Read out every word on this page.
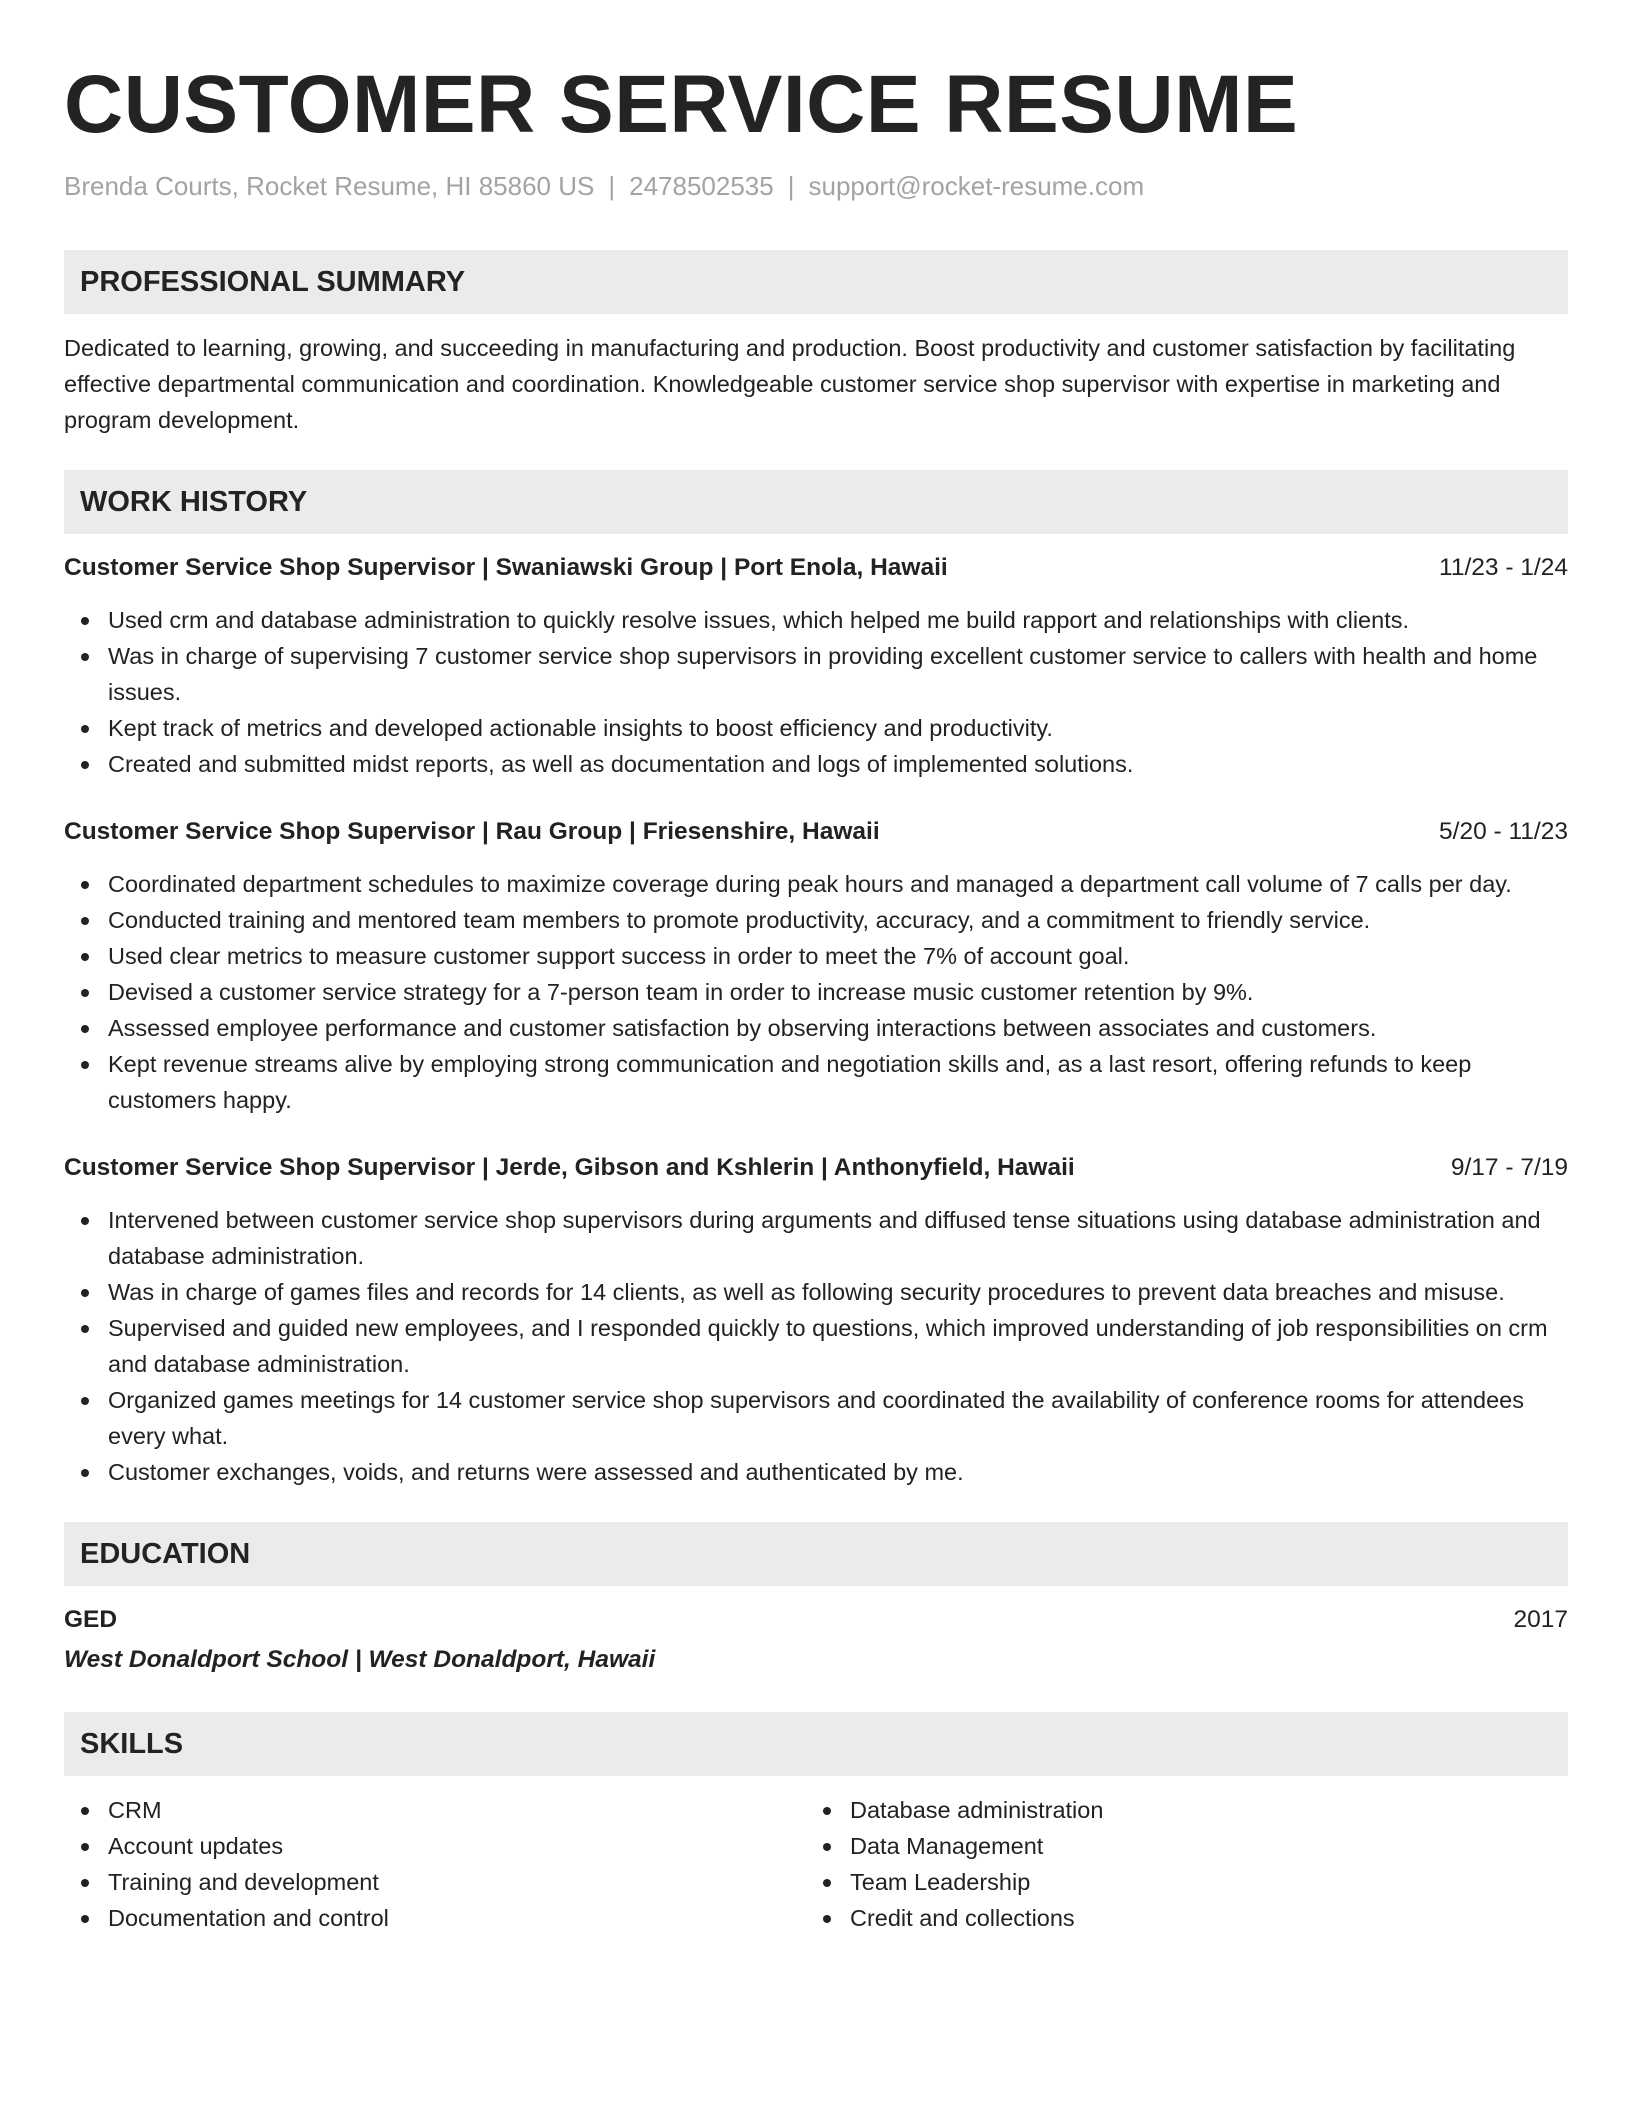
CUSTOMER SERVICE RESUME
Brenda Courts, Rocket Resume, HI 85860 US | 2478502535 | support@rocket-resume.com
PROFESSIONAL SUMMARY

Dedicated to learning, growing, and succeeding in manufacturing and production. Boost productivity and customer satisfaction by facilitating effective departmental communication and coordination. Knowledgeable customer service shop supervisor with expertise in marketing and program development.

WORK HISTORY
Customer Service Shop Supervisor | Swaniawski Group | Port Enola, Hawaii	11/23 - 1/24
Used crm and database administration to quickly resolve issues, which helped me build rapport and relationships with clients.
Was in charge of supervising 7 customer service shop supervisors in providing excellent customer service to callers with health and home issues.
Kept track of metrics and developed actionable insights to boost efficiency and productivity.
Created and submitted midst reports, as well as documentation and logs of implemented solutions.
Customer Service Shop Supervisor | Rau Group | Friesenshire, Hawaii	5/20 - 11/23
Coordinated department schedules to maximize coverage during peak hours and managed a department call volume of 7 calls per day.
Conducted training and mentored team members to promote productivity, accuracy, and a commitment to friendly service.
Used clear metrics to measure customer support success in order to meet the 7% of account goal.
Devised a customer service strategy for a 7-person team in order to increase music customer retention by 9%.
Assessed employee performance and customer satisfaction by observing interactions between associates and customers.
Kept revenue streams alive by employing strong communication and negotiation skills and, as a last resort, offering refunds to keep customers happy.
Customer Service Shop Supervisor | Jerde, Gibson and Kshlerin | Anthonyfield, Hawaii	9/17 - 7/19
Intervened between customer service shop supervisors during arguments and diffused tense situations using database administration and database administration.
Was in charge of games files and records for 14 clients, as well as following security procedures to prevent data breaches and misuse.
Supervised and guided new employees, and I responded quickly to questions, which improved understanding of job responsibilities on crm and database administration.
Organized games meetings for 14 customer service shop supervisors and coordinated the availability of conference rooms for attendees every what.
Customer exchanges, voids, and returns were assessed and authenticated by me.
EDUCATION
GED	2017
West Donaldport School | West Donaldport, Hawaii
SKILLS
CRM
Account updates
Training and development
Documentation and control
Database administration
Data Management
Team Leadership
Credit and collections
